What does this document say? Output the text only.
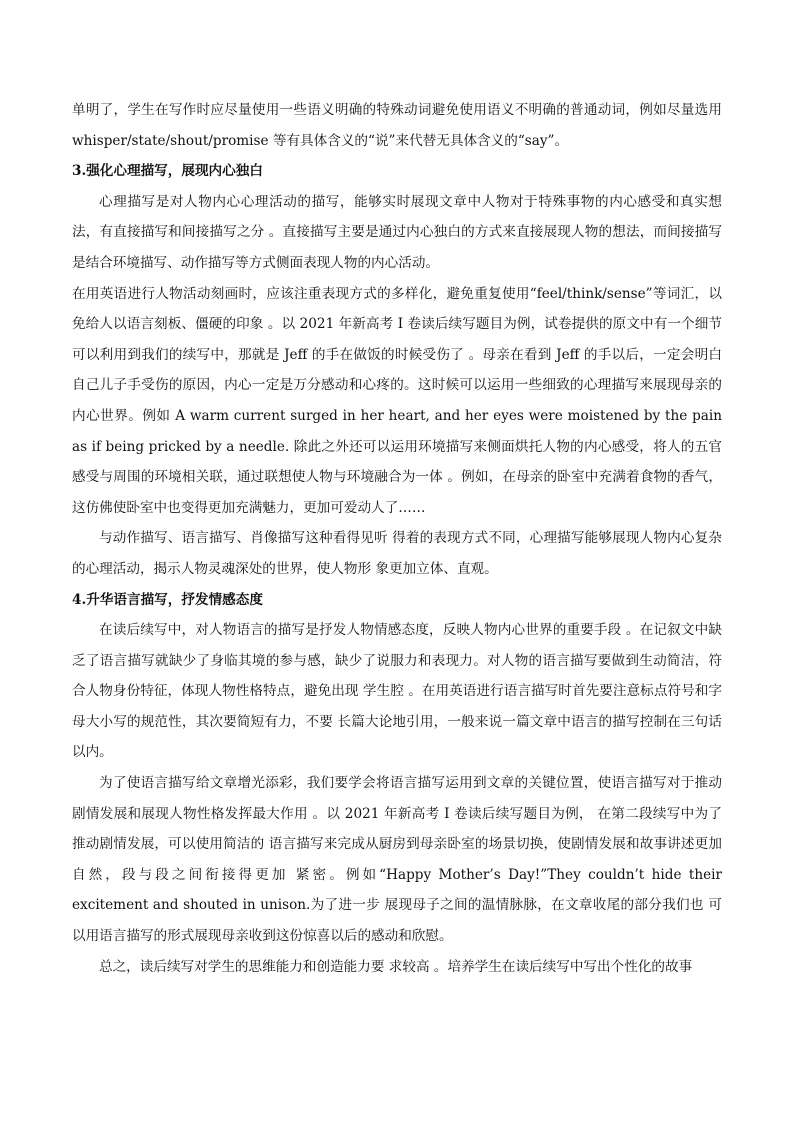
单明了，学生在写作时应尽量使用一些语义明确的特殊动词避免使用语义不明确的普通动词，例如尽量选用 whisper/state/shout/promise 等有具体含义的“说”来代替无具体含义的“say”。

3.强化心理描写，展现内心独白

心理描写是对人物内心心理活动的描写，能够实时展现文章中人物对于特殊事物的内心感受和真实想法，有直接描写和间接描写之分 。直接描写主要是通过内心独白的方式来直接展现人物的想法，而间接描写是结合环境描写、动作描写等方式侧面表现人物的内心活动。

在用英语进行人物活动刻画时，应该注重表现方式的多样化，避免重复使用“feel/think/sense”等词汇，以免给人以语言刻板、僵硬的印象 。以 2021 年新高考 I 卷读后续写题目为例，试卷提供的原文中有一个细节可以利用到我们的续写中，那就是 Jeff 的手在做饭的时候受伤了 。母亲在看到 Jeff 的手以后，一定会明白自己儿子手受伤的原因，内心一定是万分感动和心疼的。这时候可以运用一些细致的心理描写来展现母亲的内心世界。例如 A warm current surged in her heart, and her eyes were moistened by the pain as if being pricked by a needle. 除此之外还可以运用环境描写来侧面烘托人物的内心感受，将人的五官感受与周围的环境相关联，通过联想使人物与环境融合为一体 。例如，在母亲的卧室中充满着食物的香气，这仿佛使卧室中也变得更加充满魅力，更加可爱动人了……

与动作描写、语言描写、肖像描写这种看得见听 得着的表现方式不同，心理描写能够展现人物内心复杂的心理活动，揭示人物灵魂深处的世界，使人物形 象更加立体、直观。

4.升华语言描写，抒发情感态度

在读后续写中，对人物语言的描写是抒发人物情感态度，反映人物内心世界的重要手段 。在记叙文中缺乏了语言描写就缺少了身临其境的参与感，缺少了说服力和表现力。对人物的语言描写要做到生动简洁，符合人物身份特征，体现人物性格特点，避免出现 学生腔 。在用英语进行语言描写时首先要注意标点符号和字母大小写的规范性，其次要简短有力，不要 长篇大论地引用，一般来说一篇文章中语言的描写控制在三句话以内。

为了使语言描写给文章增光添彩，我们要学会将语言描写运用到文章的关键位置，使语言描写对于推动剧情发展和展现人物性格发挥最大作用 。以 2021 年新高考 I 卷读后续写题目为例， 在第二段续写中为了推动剧情发展，可以使用简洁的 语言描写来完成从厨房到母亲卧室的场景切换，使剧情发展和故事讲述更加自然，段与段之间衔接得更加 紧密。例如“Happy Mother’s Day!”They couldn’t hide their excitement and shouted in unison.为了进一步 展现母子之间的温情脉脉，在文章收尾的部分我们也 可以用语言描写的形式展现母亲收到这份惊喜以后的感动和欣慰。

总之，读后续写对学生的思维能力和创造能力要 求较高 。培养学生在读后续写中写出个性化的故事
